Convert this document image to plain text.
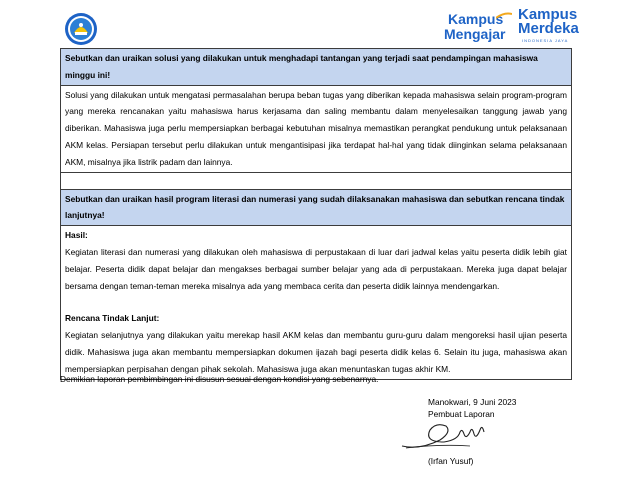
Kampus
Mengajar
Kampus
Merdeka
INDONESIA JAYA
Sebutkan dan uraikan solusi yang dilakukan untuk menghadapi tantangan yang terjadi saat pendampingan mahasiswa minggu ini!
Solusi yang dilakukan untuk mengatasi permasalahan berupa beban tugas yang diberikan kepada mahasiswa selain program-program yang mereka rencanakan yaitu mahasiswa harus kerjasama dan saling membantu dalam menyelesaikan tanggung jawab yang diberikan. Mahasiswa juga perlu mempersiapkan berbagai kebutuhan misalnya memastikan perangkat pendukung untuk pelaksanaan AKM kelas. Persiapan tersebut perlu dilakukan untuk mengantisipasi jika terdapat hal-hal yang tidak diinginkan selama pelaksanaan AKM, misalnya jika listrik padam dan lainnya.
Sebutkan dan uraikan hasil program literasi dan numerasi yang sudah dilaksanakan mahasiswa dan sebutkan rencana tindak lanjutnya!
Hasil:
Kegiatan literasi dan numerasi yang dilakukan oleh mahasiswa di perpustakaan di luar dari jadwal kelas yaitu peserta didik lebih giat belajar. Peserta didik dapat belajar dan mengakses berbagai sumber belajar yang ada di perpustakaan. Mereka juga dapat belajar bersama dengan teman-teman mereka misalnya ada yang membaca cerita dan peserta didik lainnya mendengarkan.
Rencana Tindak Lanjut:
Kegiatan selanjutnya yang dilakukan yaitu merekap hasil AKM kelas dan membantu guru-guru dalam mengoreksi hasil ujian peserta didik. Mahasiswa juga akan membantu mempersiapkan dokumen ijazah bagi peserta didik kelas 6. Selain itu juga, mahasiswa akan mempersiapkan perpisahan dengan pihak sekolah. Mahasiswa juga akan menuntaskan tugas akhir KM.
Demikian laporan pembimbingan ini disusun sesuai dengan kondisi yang sebenarnya.
Manokwari, 9 Juni 2023
Pembuat Laporan
(Irfan Yusuf)
